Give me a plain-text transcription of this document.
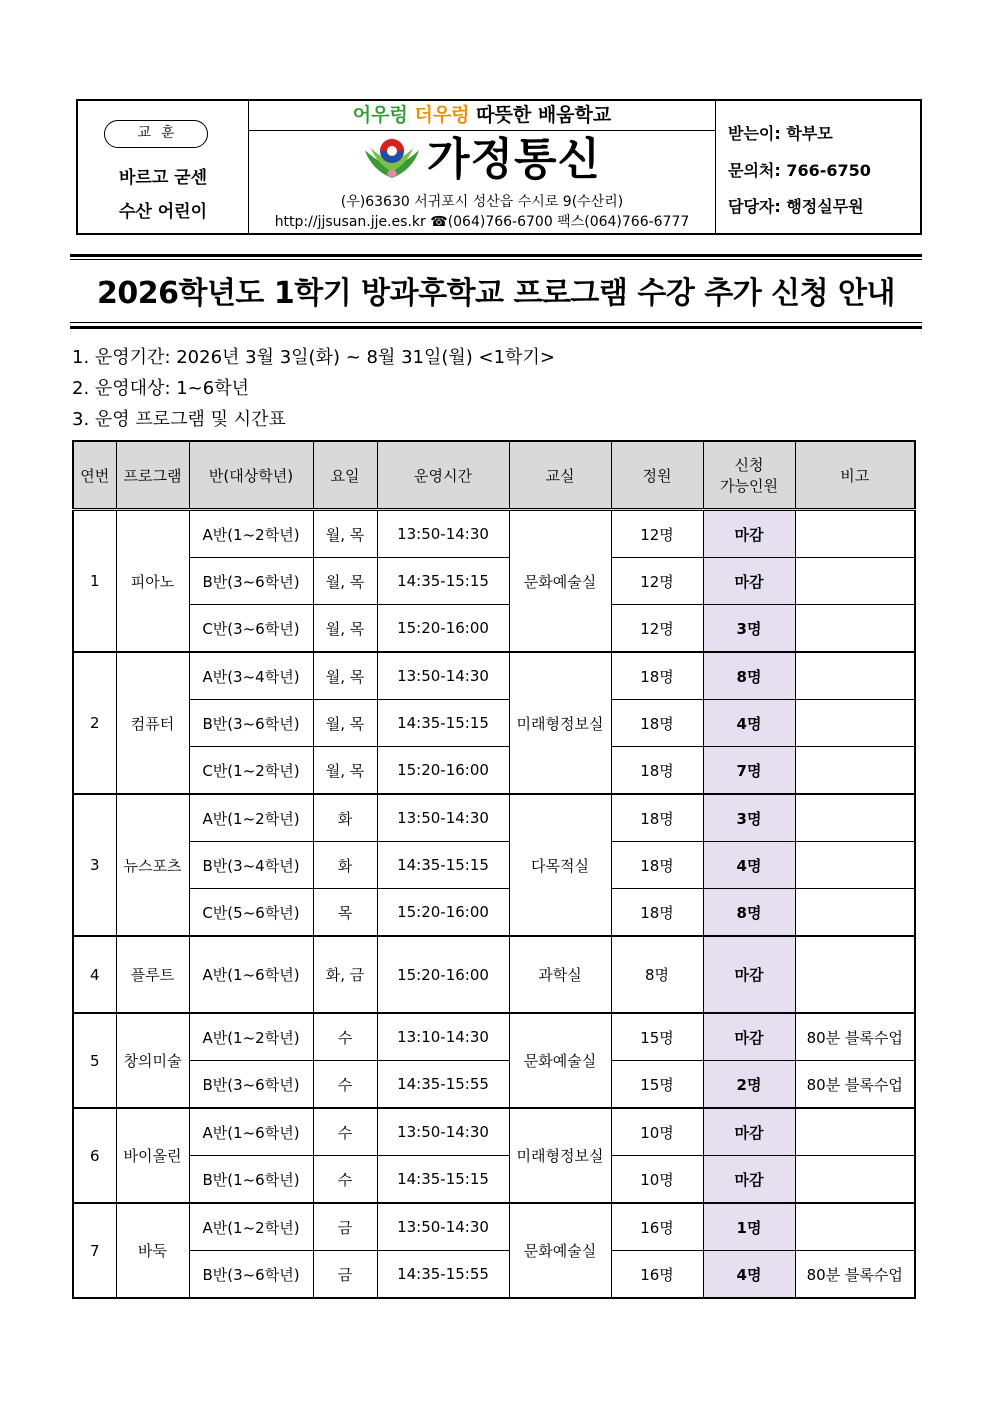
교훈
바르고 굳센
수산 어린이
어우렁 더우렁 따뜻한 배움학교
가정통신
(우)63630 서귀포시 성산읍 수시로 9(수산리)
http://jjsusan.jje.es.kr ☎(064)766-6700 팩스(064)766-6777
받는이: 학부모
문의처: 766-6750
담당자: 행정실무원
2026학년도 1학기 방과후학교 프로그램 수강 추가 신청 안내
1. 운영기간: 2026년 3월 3일(화) ~ 8월 31일(월) <1학기>
2. 운영대상: 1~6학년
3. 운영 프로그램 및 시간표
연번	프로그램	반(대상학년)	요일	운영시간	교실	정원	신청
가능인원	비고
1	피아노	A반(1~2학년)	월, 목	13:50-14:30	문화예술실	12명	마감	
		B반(3~6학년)	월, 목	14:35-15:15		12명	마감	
		C반(3~6학년)	월, 목	15:20-16:00		12명	3명	
2	컴퓨터	A반(3~4학년)	월, 목	13:50-14:30	미래형정보실	18명	8명	
		B반(3~6학년)	월, 목	14:35-15:15		18명	4명	
		C반(1~2학년)	월, 목	15:20-16:00		18명	7명	
3	뉴스포츠	A반(1~2학년)	화	13:50-14:30	다목적실	18명	3명	
		B반(3~4학년)	화	14:35-15:15		18명	4명	
		C반(5~6학년)	목	15:20-16:00		18명	8명	
4	플루트	A반(1~6학년)	화, 금	15:20-16:00	과학실	8명	마감	
5	창의미술	A반(1~2학년)	수	13:10-14:30	문화예술실	15명	마감	80분 블록수업
		B반(3~6학년)	수	14:35-15:55		15명	2명	80분 블록수업
6	바이올린	A반(1~6학년)	수	13:50-14:30	미래형정보실	10명	마감	
		B반(1~6학년)	수	14:35-15:15		10명	마감	
7	바둑	A반(1~2학년)	금	13:50-14:30	문화예술실	16명	1명	
		B반(3~6학년)	금	14:35-15:55		16명	4명	80분 블록수업
